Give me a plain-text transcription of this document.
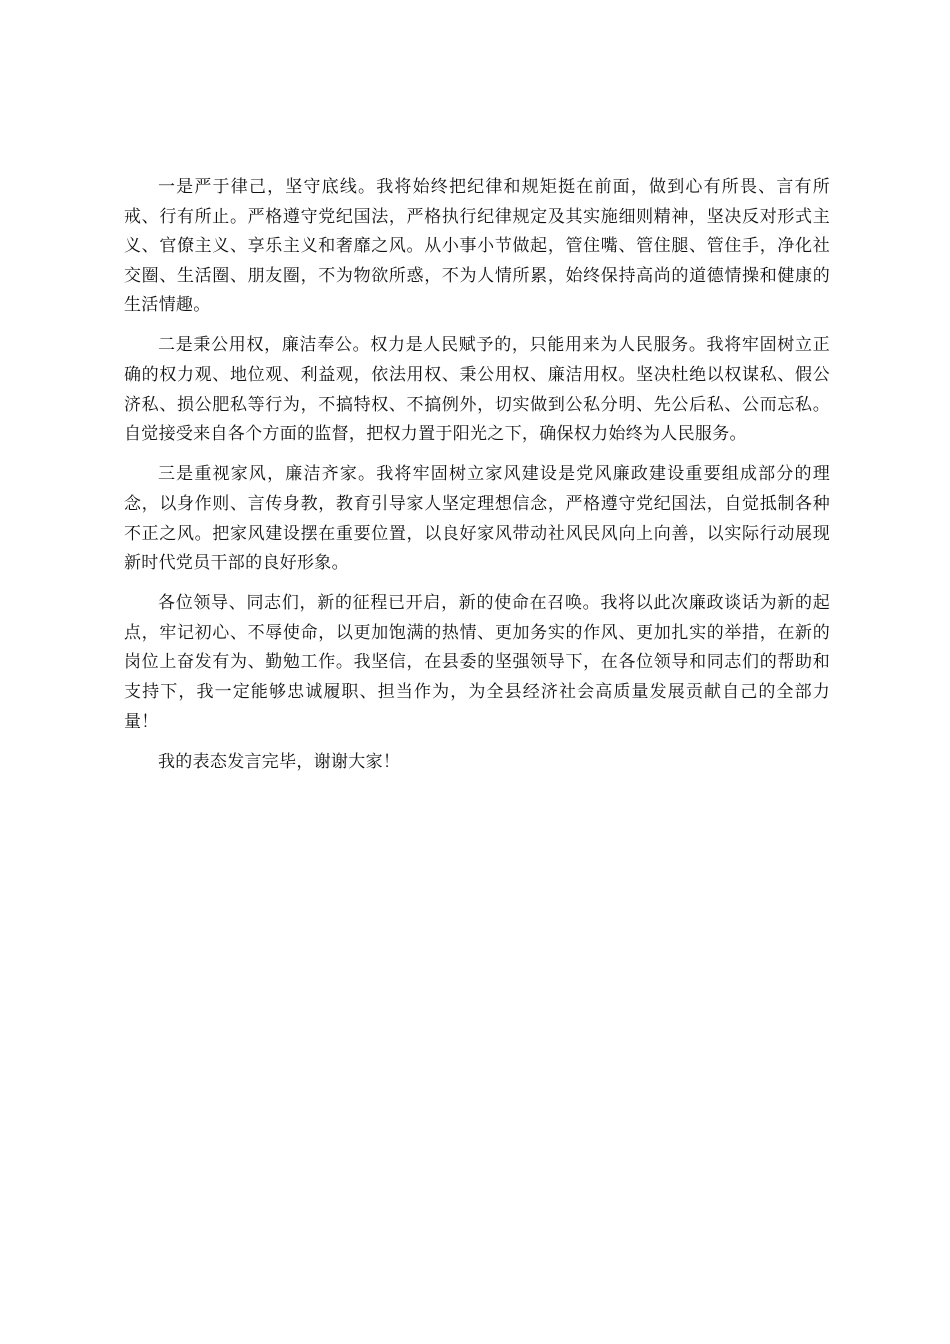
一是严于律己，坚守底线。我将始终把纪律和规矩挺在前面，做到心有所畏、言有所戒、行有所止。严格遵守党纪国法，严格执行纪律规定及其实施细则精神，坚决反对形式主义、官僚主义、享乐主义和奢靡之风。从小事小节做起，管住嘴、管住腿、管住手，净化社交圈、生活圈、朋友圈，不为物欲所惑，不为人情所累，始终保持高尚的道德情操和健康的生活情趣。

二是秉公用权，廉洁奉公。权力是人民赋予的，只能用来为人民服务。我将牢固树立正确的权力观、地位观、利益观，依法用权、秉公用权、廉洁用权。坚决杜绝以权谋私、假公济私、损公肥私等行为，不搞特权、不搞例外，切实做到公私分明、先公后私、公而忘私。自觉接受来自各个方面的监督，把权力置于阳光之下，确保权力始终为人民服务。

三是重视家风，廉洁齐家。我将牢固树立家风建设是党风廉政建设重要组成部分的理念，以身作则、言传身教，教育引导家人坚定理想信念，严格遵守党纪国法，自觉抵制各种不正之风。把家风建设摆在重要位置，以良好家风带动社风民风向上向善，以实际行动展现新时代党员干部的良好形象。

各位领导、同志们，新的征程已开启，新的使命在召唤。我将以此次廉政谈话为新的起点，牢记初心、不辱使命，以更加饱满的热情、更加务实的作风、更加扎实的举措，在新的岗位上奋发有为、勤勉工作。我坚信，在县委的坚强领导下，在各位领导和同志们的帮助和支持下，我一定能够忠诚履职、担当作为，为全县经济社会高质量发展贡献自己的全部力量！

我的表态发言完毕，谢谢大家！
